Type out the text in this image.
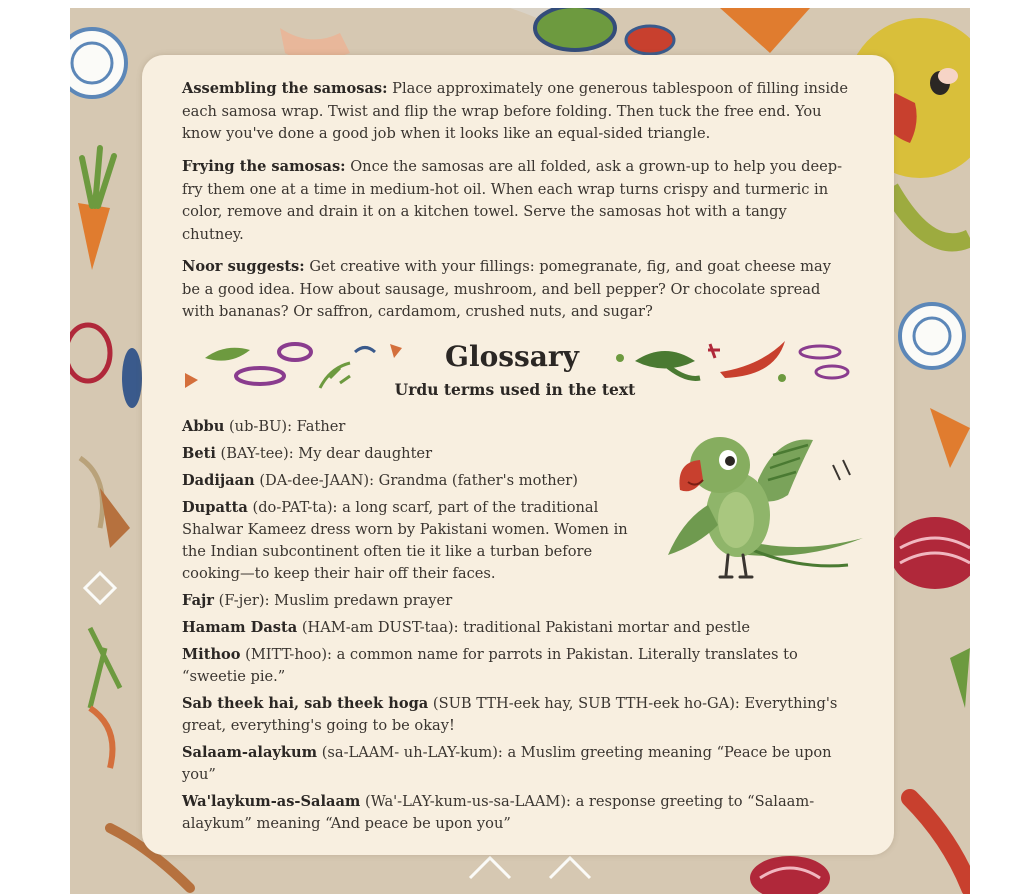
Assembling the samosas: Place approximately one generous tablespoon of filling inside each samosa wrap. Twist and flip the wrap before folding. Then tuck the free end. You know you've done a good job when it looks like an equal-sided triangle.

Frying the samosas: Once the samosas are all folded, ask a grown-up to help you deep-fry them one at a time in medium-hot oil. When each wrap turns crispy and turmeric in color, remove and drain it on a kitchen towel. Serve the samosas hot with a tangy chutney.

Noor suggests: Get creative with your fillings: pomegranate, fig, and goat cheese may be a good idea. How about sausage, mushroom, and bell pepper? Or chocolate spread with bananas? Or saffron, cardamom, crushed nuts, and sugar?

Glossary
Urdu terms used in the text

Abbu (ub-BU): Father

Beti (BAY-tee): My dear daughter

Dadijaan (DA-dee-JAAN): Grandma (father's mother)

Dupatta (do-PAT-ta): a long scarf, part of the traditional Shalwar Kameez dress worn by Pakistani women. Women in the Indian subcontinent often tie it like a turban before cooking—to keep their hair off their faces.

Fajr (F-jer): Muslim predawn prayer

Hamam Dasta (HAM-am DUST-taa): traditional Pakistani mortar and pestle

Mithoo (MITT-hoo): a common name for parrots in Pakistan. Literally translates to “sweetie pie.”

Sab theek hai, sab theek hoga (SUB TTH-eek hay, SUB TTH-eek ho-GA): Everything's great, everything's going to be okay!

Salaam-alaykum (sa-LAAM- uh-LAY-kum): a Muslim greeting meaning “Peace be upon you”

Wa'laykum-as-Salaam (Wa'-LAY-kum-us-sa-LAAM): a response greeting to “Salaam-alaykum” meaning “And peace be upon you”
